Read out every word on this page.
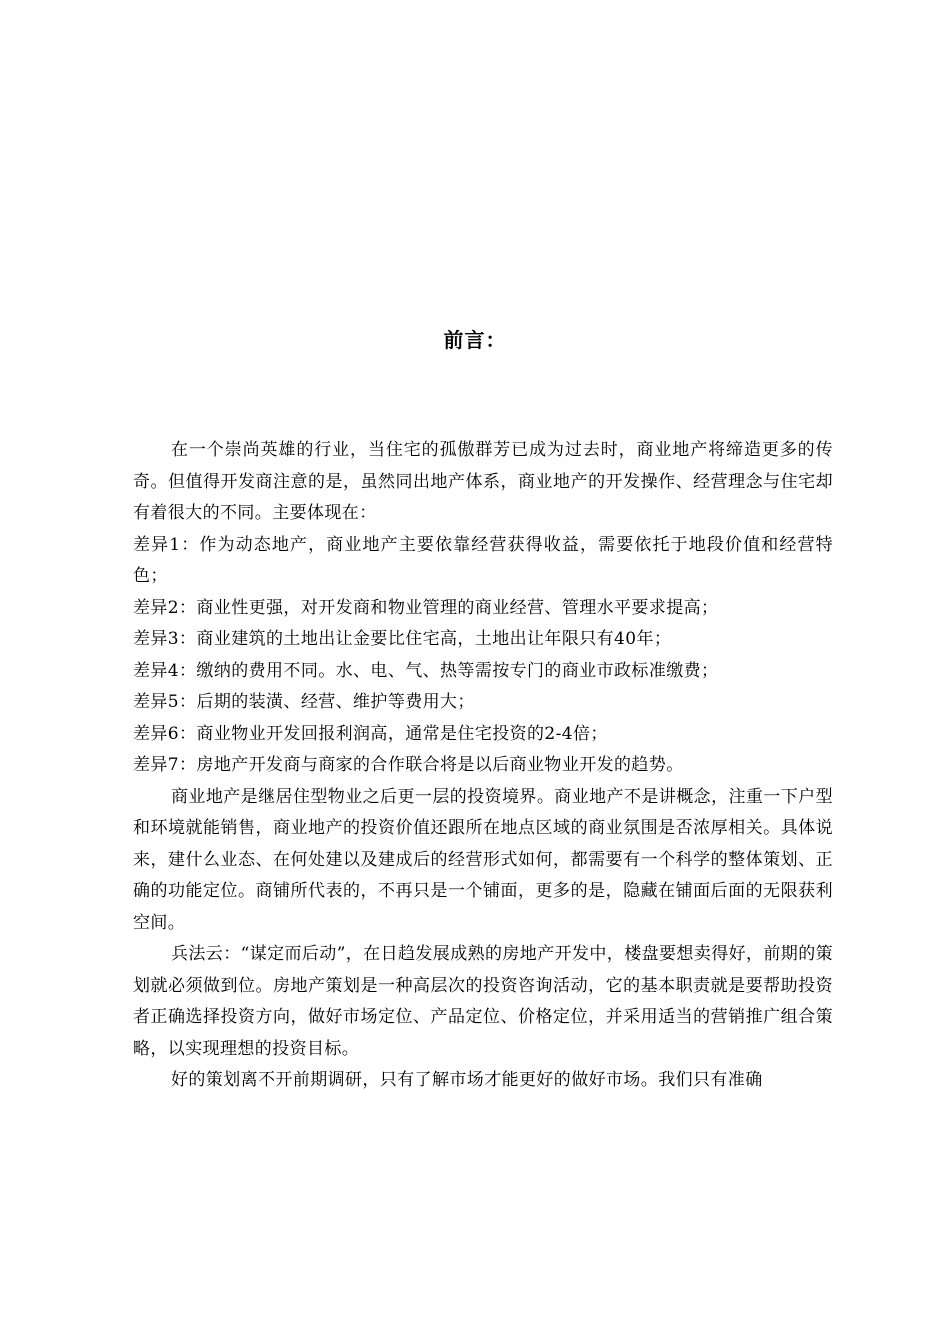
前言：

在一个崇尚英雄的行业，当住宅的孤傲群芳已成为过去时，商业地产将缔造更多的传奇。但值得开发商注意的是，虽然同出地产体系，商业地产的开发操作、经营理念与住宅却有着很大的不同。主要体现在：

差异1：作为动态地产，商业地产主要依靠经营获得收益，需要依托于地段价值和经营特色；

差异2：商业性更强，对开发商和物业管理的商业经营、管理水平要求提高；

差异3：商业建筑的土地出让金要比住宅高，土地出让年限只有40年；

差异4：缴纳的费用不同。水、电、气、热等需按专门的商业市政标准缴费；

差异5：后期的装潢、经营、维护等费用大；

差异6：商业物业开发回报利润高，通常是住宅投资的2-4倍；

差异7：房地产开发商与商家的合作联合将是以后商业物业开发的趋势。

商业地产是继居住型物业之后更一层的投资境界。商业地产不是讲概念，注重一下户型和环境就能销售，商业地产的投资价值还跟所在地点区域的商业氛围是否浓厚相关。具体说来，建什么业态、在何处建以及建成后的经营形式如何，都需要有一个科学的整体策划、正确的功能定位。商铺所代表的，不再只是一个铺面，更多的是，隐藏在铺面后面的无限获利空间。

兵法云：“谋定而后动”，在日趋发展成熟的房地产开发中，楼盘要想卖得好，前期的策划就必须做到位。房地产策划是一种高层次的投资咨询活动，它的基本职责就是要帮助投资者正确选择投资方向，做好市场定位、产品定位、价格定位，并采用适当的营销推广组合策略，以实现理想的投资目标。

好的策划离不开前期调研，只有了解市场才能更好的做好市场。我们只有准确
